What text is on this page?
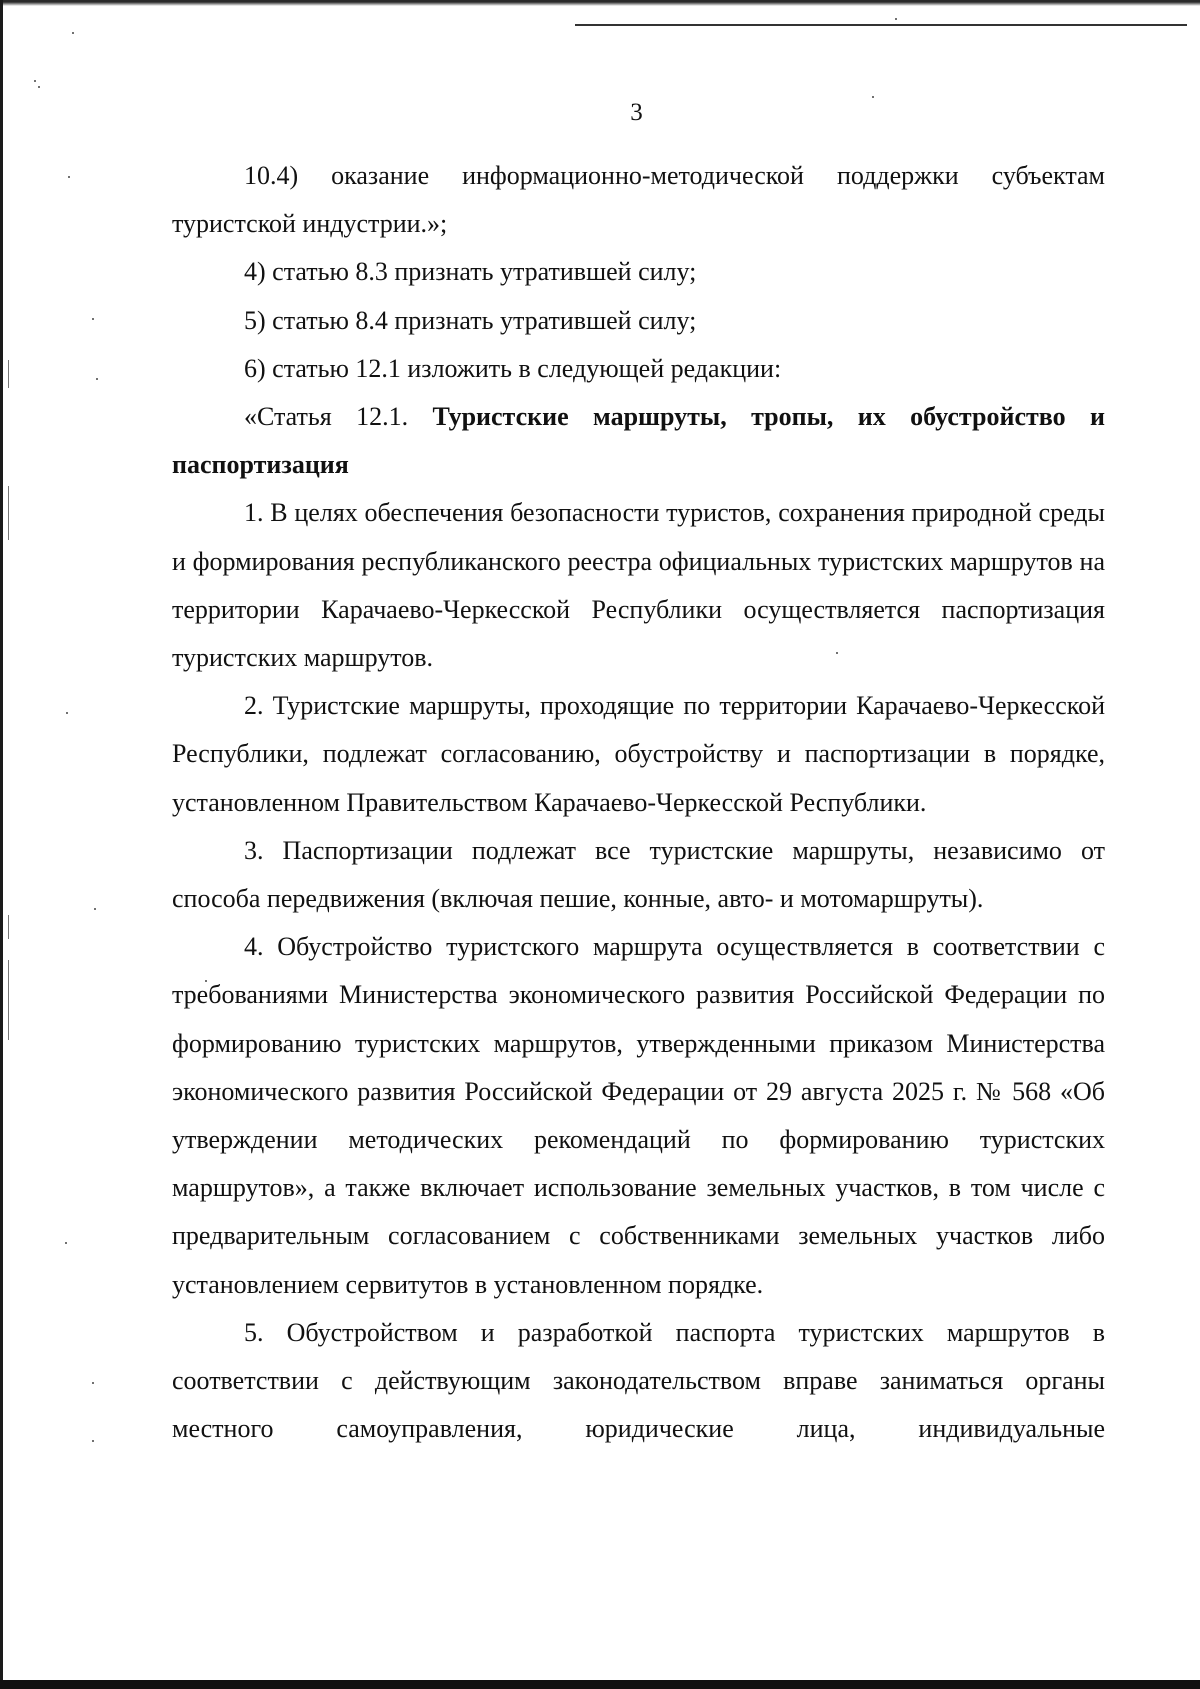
3

10.4) оказание информационно-методической поддержки субъектам туристской индустрии.»;

4) статью 8.3 признать утратившей силу;

5) статью 8.4 признать утратившей силу;

6) статью 12.1 изложить в следующей редакции:

«Статья 12.1. Туристские маршруты, тропы, их обустройство и паспортизация

1. В целях обеспечения безопасности туристов, сохранения природной среды и формирования республиканского реестра официальных туристских маршрутов на территории Карачаево-Черкесской Республики осуществляется паспортизация туристских маршрутов.

2. Туристские маршруты, проходящие по территории Карачаево-Черкесской Республики, подлежат согласованию, обустройству и паспортизации в порядке, установленном Правительством Карачаево-Черкесской Республики.

3. Паспортизации подлежат все туристские маршруты, независимо от способа передвижения (включая пешие, конные, авто- и мотомаршруты).

4. Обустройство туристского маршрута осуществляется в соответствии с требованиями Министерства экономического развития Российской Федерации по формированию туристских маршрутов, утвержденными приказом Министерства экономического развития Российской Федерации от 29 августа 2025 г. № 568 «Об утверждении методических рекомендаций по формированию туристских маршрутов», а также включает использование земельных участков, в том числе с предварительным согласованием с собственниками земельных участков либо установлением сервитутов в установленном порядке.

5. Обустройством и разработкой паспорта туристских маршрутов в соответствии с действующим законодательством вправе заниматься органы местного самоуправления, юридические лица, индивидуальные
